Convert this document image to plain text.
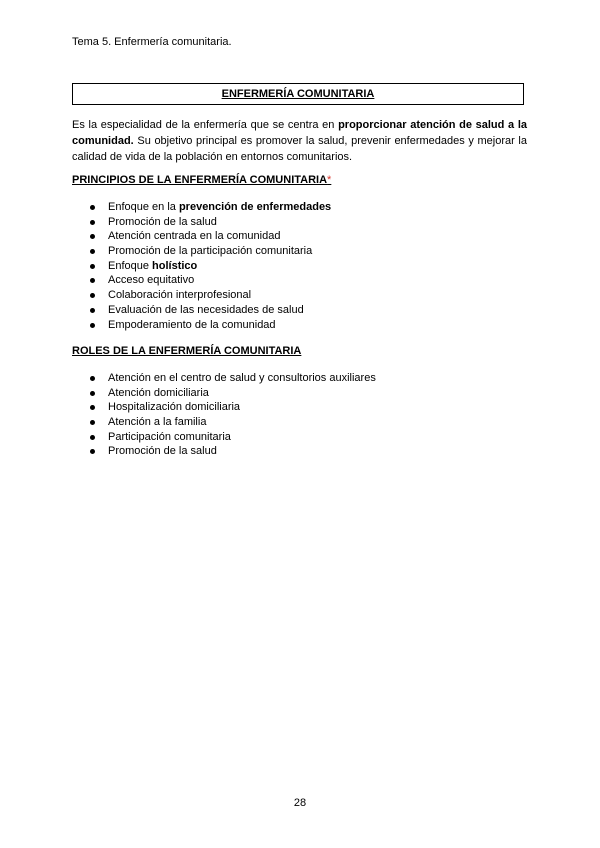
Tema 5. Enfermería comunitaria.
ENFERMERÍA COMUNITARIA
Es la especialidad de la enfermería que se centra en proporcionar atención de salud a la comunidad. Su objetivo principal es promover la salud, prevenir enfermedades y mejorar la calidad de vida de la población en entornos comunitarios.
PRINCIPIOS DE LA ENFERMERÍA COMUNITARIA*
Enfoque en la prevención de enfermedades
Promoción de la salud
Atención centrada en la comunidad
Promoción de la participación comunitaria
Enfoque holístico
Acceso equitativo
Colaboración interprofesional
Evaluación de las necesidades de salud
Empoderamiento de la comunidad
ROLES DE LA ENFERMERÍA COMUNITARIA
Atención en el centro de salud y consultorios auxiliares
Atención domiciliaria
Hospitalización domiciliaria
Atención a la familia
Participación comunitaria
Promoción de la salud
28
